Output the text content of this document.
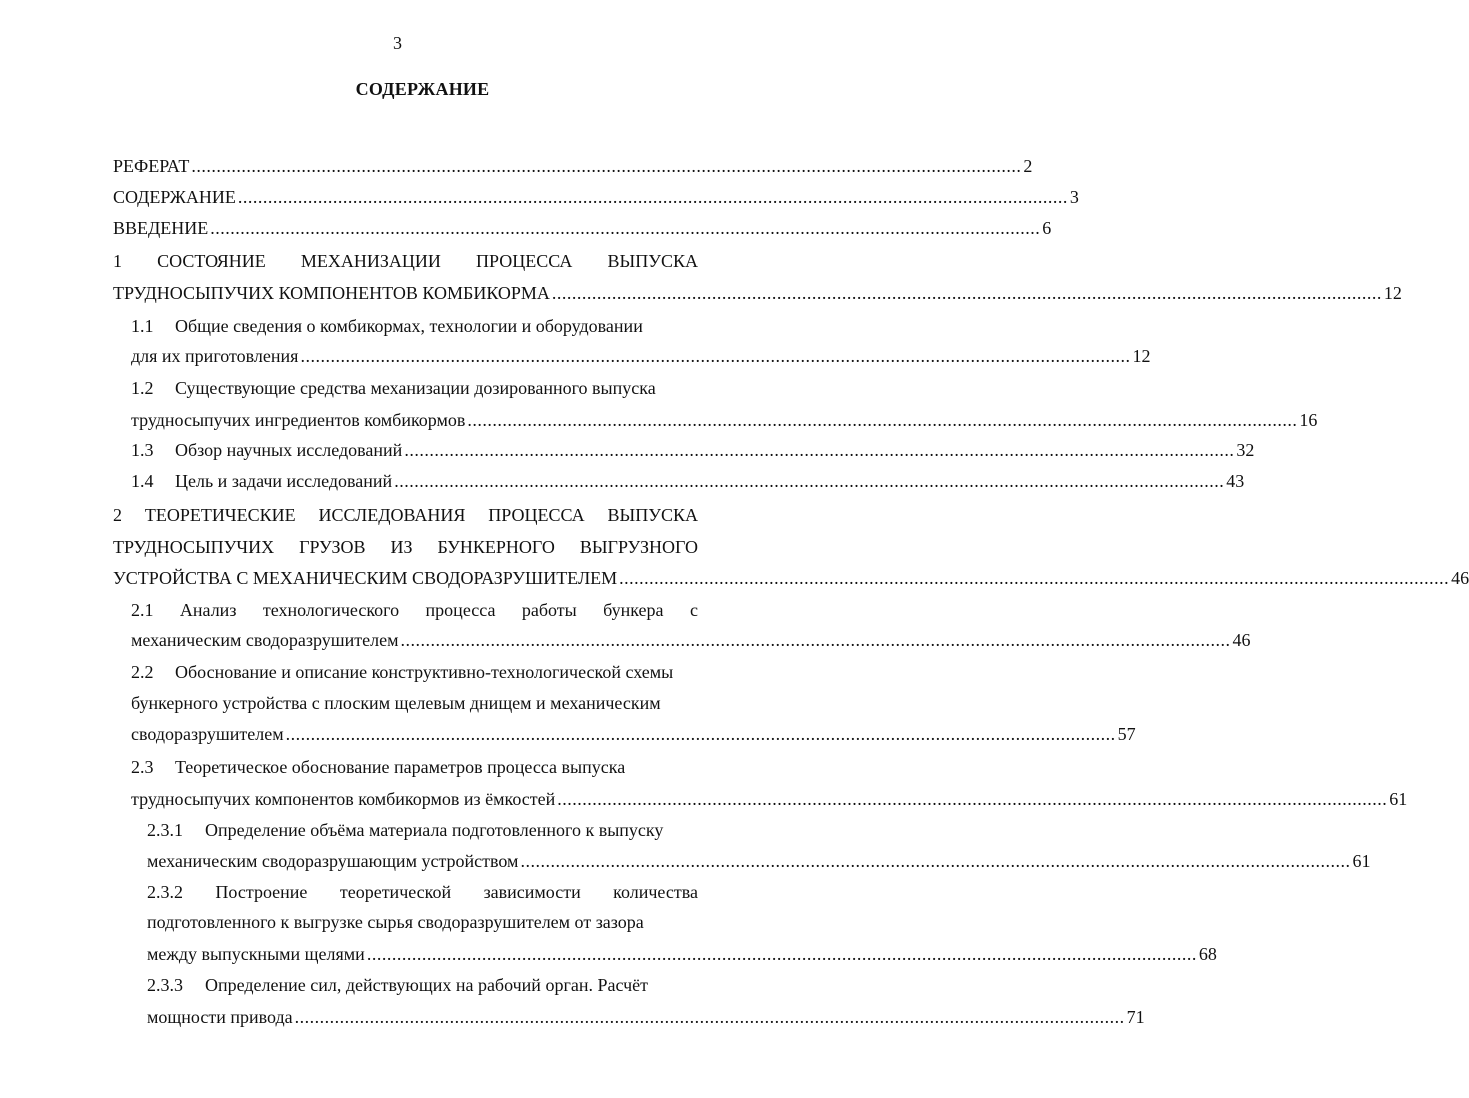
3
СОДЕРЖАНИЕ
РЕФЕРАТ ...................................................................................................................................................................... 2
СОДЕРЖАНИЕ ...................................................................................................................................................................... 3
ВВЕДЕНИЕ ...................................................................................................................................................................... 6
1 СОСТОЯНИЕ МЕХАНИЗАЦИИ ПРОЦЕССА ВЫПУСКА
ТРУДНОСЫПУЧИХ КОМПОНЕНТОВ КОМБИКОРМА ...................................................................................................................................................................... 12
1.1 Общие сведения о комбикормах, технологии и оборудовании
для их приготовления ...................................................................................................................................................................... 12
1.2 Существующие средства механизации дозированного выпуска
трудносыпучих ингредиентов комбикормов ...................................................................................................................................................................... 16
1.3 Обзор научных исследований ...................................................................................................................................................................... 32
1.4 Цель и задачи исследований ...................................................................................................................................................................... 43
2 ТЕОРЕТИЧЕСКИЕ ИССЛЕДОВАНИЯ ПРОЦЕССА ВЫПУСКА
ТРУДНОСЫПУЧИХ ГРУЗОВ ИЗ БУНКЕРНОГО ВЫГРУЗНОГО
УСТРОЙСТВА С МЕХАНИЧЕСКИМ СВОДОРАЗРУШИТЕЛЕМ ...................................................................................................................................................................... 46
2.1 Анализ технологического процесса работы бункера с
механическим сводоразрушителем ...................................................................................................................................................................... 46
2.2 Обоснование и описание конструктивно-технологической схемы
бункерного устройства с плоским щелевым днищем и механическим
сводоразрушителем ...................................................................................................................................................................... 57
2.3 Теоретическое обоснование параметров процесса выпуска
трудносыпучих компонентов комбикормов из ёмкостей ...................................................................................................................................................................... 61
2.3.1 Определение объёма материала подготовленного к выпуску
механическим сводоразрушающим устройством ...................................................................................................................................................................... 61
2.3.2 Построение теоретической зависимости количества
подготовленного к выгрузке сырья сводоразрушителем от зазора
между выпускными щелями ...................................................................................................................................................................... 68
2.3.3 Определение сил, действующих на рабочий орган. Расчёт
мощности привода ...................................................................................................................................................................... 71
